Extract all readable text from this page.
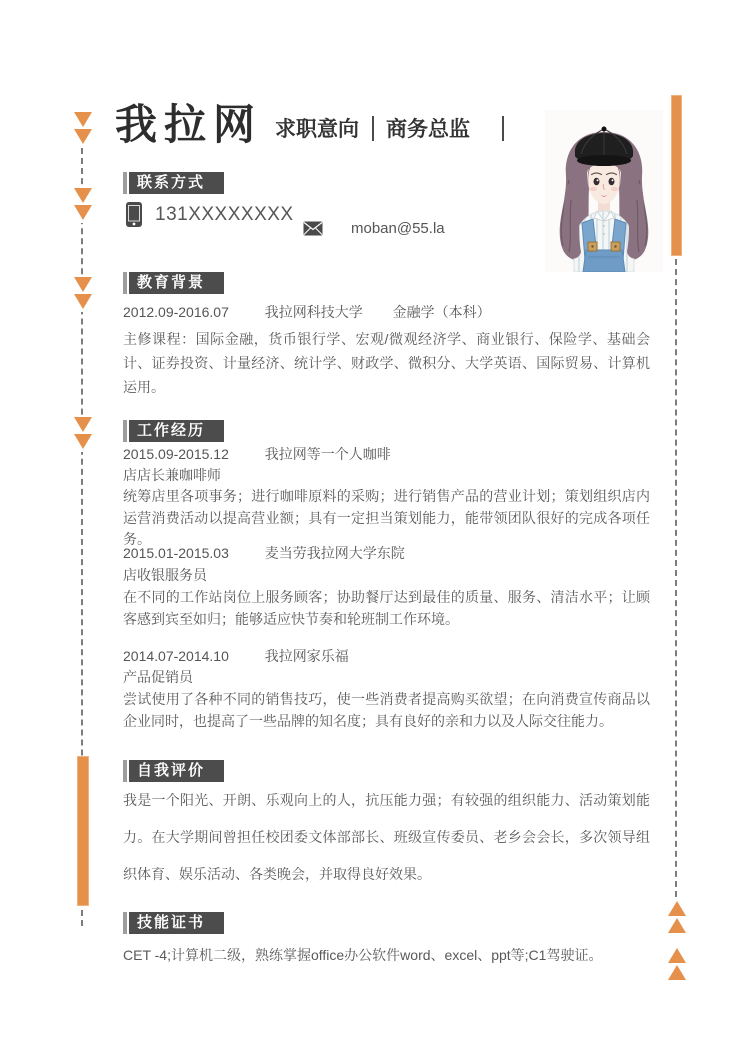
我拉网 求职意向 商务总监
联系方式
131XXXXXXXX
moban@55.la
教育背景
2012.09-2016.07	我拉网科技大学 金融学（本科）
主修课程：国际金融，货币银行学、宏观/微观经济学、商业银行、保险学、基础会计、证券投资、计量经济、统计学、财政学、微积分、大学英语、国际贸易、计算机运用。
工作经历
2015.09-2015.12	我拉网等一个人咖啡
店店长兼咖啡师
统筹店里各项事务；进行咖啡原料的采购；进行销售产品的营业计划；策划组织店内运营消费活动以提高营业额；具有一定担当策划能力，能带领团队很好的完成各项任务。
2015.01-2015.03	麦当劳我拉网大学东院
店收银服务员
在不同的工作站岗位上服务顾客；协助餐厅达到最佳的质量、服务、清洁水平；让顾客感到宾至如归；能够适应快节奏和轮班制工作环境。
2014.07-2014.10	我拉网家乐福
产品促销员
尝试使用了各种不同的销售技巧，使一些消费者提高购买欲望；在向消费宣传商品以企业同时，也提高了一些品牌的知名度；具有良好的亲和力以及人际交往能力。
自我评价
我是一个阳光、开朗、乐观向上的人，抗压能力强；有较强的组织能力、活动策划能力。在大学期间曾担任校团委文体部部长、班级宣传委员、老乡会会长，多次领导组织体育、娱乐活动、各类晚会，并取得良好效果。
技能证书
CET -4;计算机二级，熟练掌握office办公软件word、excel、ppt等;C1驾驶证。
